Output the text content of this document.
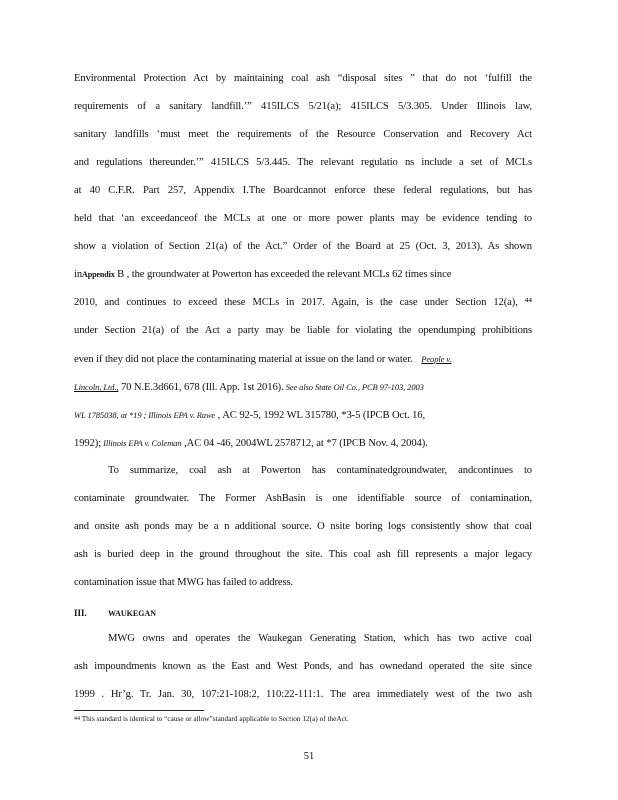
Environmental Protection Act by maintaining coal ash “disposal sites ” that do not ‘fulfill the
requirements of a sanitary landfill.’” 415ILCS 5/21(a); 415ILCS 5/3.305. Under Illinois law,
sanitary landfills ‘must meet the requirements of the Resource Conservation and Recovery Act
and regulations thereunder.’” 415ILCS 5/3.445. The relevant regulatio ns include a set of MCLs
at 40 C.F.R. Part 257, Appendix I.The Boardcannot enforce these federal regulations, but has
held that ‘an exceedanceof the MCLs at one or more power plants may be evidence tending to
show a violation of Section 21(a) of the Act.” Order of the Board at 25 (Oct. 3, 2013). As shown
inAppendix B , the groundwater at Powerton has exceeded the relevant MCLs 62 times since
2010, and continues to exceed these MCLs in 2017. Again, is the case under Section 12(a), ⁴⁴
under Section 21(a) of the Act a party may be liable for violating the opendumping prohibitions
even if they did not place the contaminating material at issue on the land or water. People v.
Lincoln, Ltd., 70 N.E.3d661, 678 (Ill. App. 1st 2016). See also State Oil Co., PCB 97-103, 2003
WL 1785038, at *19 ; Illinois EPA v. Rawe , AC 92-5, 1992 WL 315780, *3-5 (IPCB Oct. 16,
1992); Illinois EPA v. Coleman ,AC 04 -46, 2004WL 2578712, at *7 (IPCB Nov. 4, 2004).
To summarize, coal ash at Powerton has contaminatedgroundwater, andcontinues to
contaminate groundwater. The Former AshBasin is one identifiable source of contamination,
and onsite ash ponds may be a n additional source. O nsite boring logs consistently show that coal
ash is buried deep in the ground throughout the site. This coal ash fill represents a major legacy
contamination issue that MWG has failed to address.
III.	WAUKEGAN
MWG owns and operates the Waukegan Generating Station, which has two active coal
ash impoundments known as the East and West Ponds, and has ownedand operated the site since
1999 . Hr’g. Tr. Jan. 30, 107:21-108:2, 110:22-111:1. The area immediately west of the two ash
$^{44}$ This standard is identical to “cause or allow”standard applicable to Section 12(a) of theAct.
51
